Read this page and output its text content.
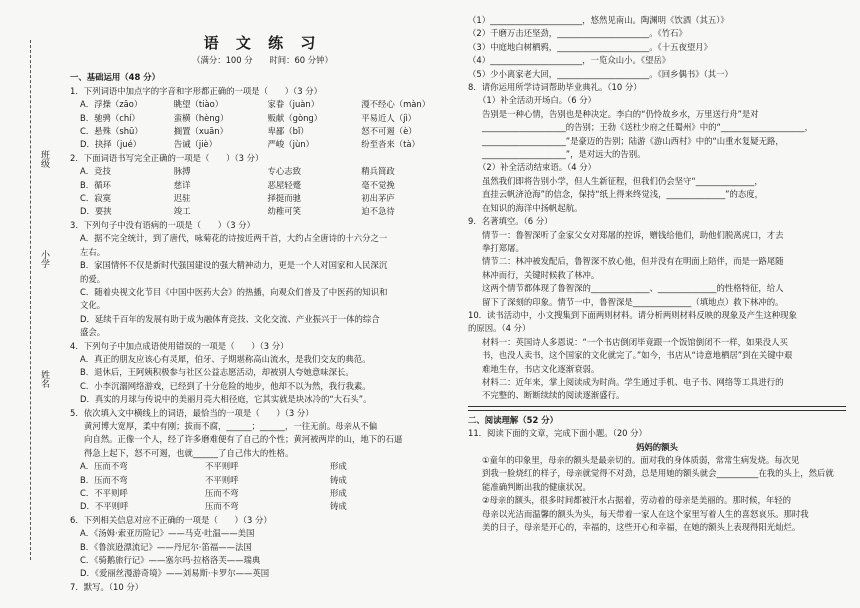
班级
小学
姓名
语 文 练 习
（满分：100 分　　时间：60 分钟）
一、基础运用（48 分）
1．下列词语中加点字的字音和字形都正确的一项是（　　）（3 分）
A．浮操（zāo）	眺望（tiào）	家眷（juàn）	漫不经心（màn）
B．驰骋（chí）	蛮横（hèng）	贩献（gòng）	平易近人（jì）
C．悬殊（shū）	搁置（xuān）	卑鄙（bǐ）	怒不可遏（è）
D．抉择（jué）	告诫（jiè）	严峻（jùn）	纷至沓来（tà）
2．下面词语书写完全正确的一项是（　　）（3 分）
A．竞技	脉搏	专心志致	精兵简政
B．循环	慈详	恶屋轻蹙	毫不觉挽
C．寂寞	迟驻	择挺而驰	初出茅庐
D．要挟	竣工	幼稚可笑	迫不急待
3．下列句子中没有语病的一项是（　　）（3 分）
A．据不完全统计，到了唐代，咏菊花的诗按近两千首，大约占全唐诗的十六分之一
左右。
B．家国情怀不仅是新时代强国建设的强大精神动力，更是一个人对国家和人民深沉
的爱。
C．随着央视文化节目《中国中医药大会》的热播，向观众们普及了中医药的知识和
文化。
D．延续千百年的发展有助于成为融体育竞技、文化交流、产业振兴于一体的综合
盛会。
4．下列句子中加点成语使用错误的一项是（　　）（3 分）
A．真正的朋友应该心有灵犀，伯牙、子期堪称高山流水，是我们交友的典范。
B．退休后，王阿姨积极参与社区公益志愿活动，却被别人夸她意味深长。
C．小李沉溺网络游戏，已经到了十分危险的地步，他却不以为然，我行我素。
D．真实的月球与传说中的美丽月亮大相径庭，它其实就是块冰冷的“大石头”。
5．依次填入文中横线上的词语，最恰当的一项是（　　）（3 分）
黄河博大宽厚，柔中有刚；拔而不腐，______；______，一往无前。母亲从不偏
向自然。正像一个人，经了许多磨难便有了自己的个性；黄河被两岸的山，地下的石逼
得急上起下，怒不可遏，也就______了自己伟大的性格。
A．压而不弯	不平则呼	形成
B．压而不弯	不平则呼	铸成
C．不平则呼	压而不弯	形成
D．不平则呼	压而不弯	铸成
6．下列相关信息对应不正确的一项是（　　）（3 分）
A．《汤姆·索亚历险记》——马克·吐温——美国
B．《鲁滨逊漂流记》——丹尼尔·笛福——法国
C．《骑鹅旅行记》——塞尔玛·拉格洛芙——瑞典
D．《爱丽丝漫游奇境》——刘易斯·卡罗尔——英国
7．默写。（10 分）
（1）______________________，悠然见南山。陶渊明《饮酒（其五）》
（2）千磨万击还坚劲，______________________。《竹石》
（3）中庭地白树栖鸦，______________________。《十五夜望月》
（4）______________________，一览众山小。《望岳》
（5）少小离家老大回，______________________。《回乡偶书》（其一）
8．请你运用所学诗词帮助毕业典礼。（10 分）
（1）补全活动开场白。（6 分）
告别是一种心情，告别也是种决定。李白的“仍怜故乡水，万里送行舟”是对
____________________的告别；王勃《送杜少府之任蜀州》中的“____________________，
____________________”是豪迈的告别；陆游《游山西村》中的“山重水复疑无路，
____________________”，是对远大的告别。
（2）补全活动结束语。（4 分）
虽然我们即将告别小学，但人生新征程，但我们仍会坚守“______________，
直挂云帆济沧海”的信念，保持“纸上得来终觉浅，______________”的态度，
在知识的海洋中扬帆起航。
9．名著填空。（6 分）
情节一：鲁智深听了金家父女对郑屠的控诉，赠钱给他们，助他们脱离虎口，才去
拳打郑屠。
情节二：林冲被发配后，鲁智深不放心他，但并没有在明面上陪伴，而是一路尾随
林冲而行，关键时候救了林冲。
这两个情节都体现了鲁智深的______________、______________的性格特征，给人
留下了深刻的印象。情节一中，鲁智深是______________（填地点）救下林冲的。
10．读书活动中，小文搜集到下面两则材料。请分析两则材料反映的现象及产生这种现象
的原因。（4 分）
材料一：英国诗人多恩说：“一个书店倒闭毕竟跟一个饭馆倒闭不一样，如果没人买
书，也没人卖书，这个国家的文化就完了。”如今，书店从“诗意地栖居”到在关键中艰
难地生存，书店文化逐渐衰弱。
材料二：近年来，掌上阅读成为时尚。学生通过手机、电子书、网络等工具进行的
不完整的、断断续续的阅读逐渐盛行。
二、阅读理解（52 分）
11．阅读下面的文章，完成下面小题。（20 分）
妈妈的额头
①童年的印象里，母亲的额头是最亲切的。面对我的身体质弱，常常生病发烧。每次见
到我一脸烧红的样子，母亲就觉得不对劲，总是用她的额头就会__________在我的头上，然后就
能准确判断出我的健康状况。
②母亲的额头，很多时间都被汗水占据着，劳动着的母亲是美丽的。那时候，年轻的
母亲以光洁而温馨的额头为头，每天带着一家人在这个家里写着人生的喜怒哀乐。那时我
美的日子，母亲是开心的，幸福的，这些开心和幸福，在她的额头上表现得阳光灿烂。
